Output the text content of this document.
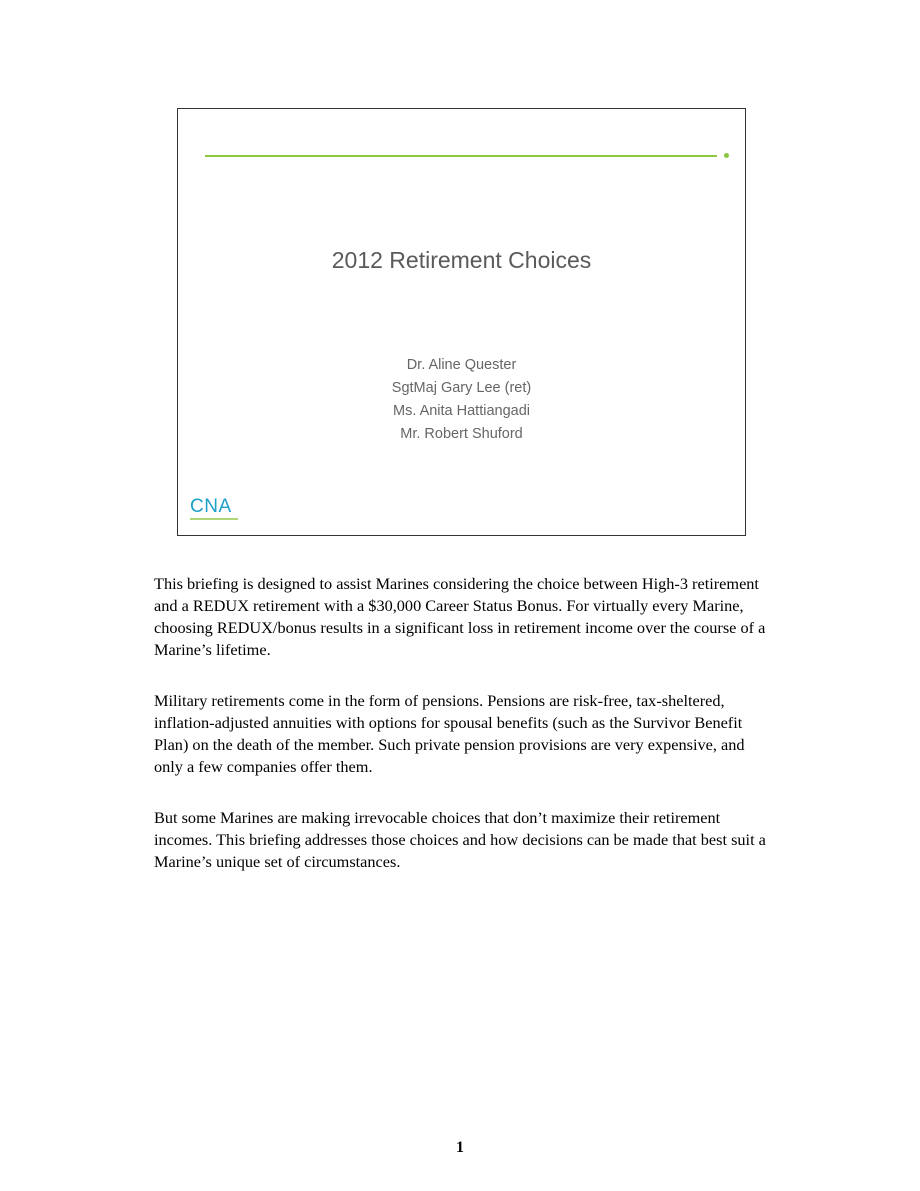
2012 Retirement Choices
Dr. Aline Quester
SgtMaj Gary Lee (ret)
Ms. Anita Hattiangadi
Mr. Robert Shuford
CNA

This briefing is designed to assist Marines considering the choice between High-3 retirement and a REDUX retirement with a $30,000 Career Status Bonus. For virtually every Marine, choosing REDUX/bonus results in a significant loss in retirement income over the course of a Marine’s lifetime.

Military retirements come in the form of pensions. Pensions are risk-free, tax-sheltered, inflation-adjusted annuities with options for spousal benefits (such as the Survivor Benefit Plan) on the death of the member. Such private pension provisions are very expensive, and only a few companies offer them.

But some Marines are making irrevocable choices that don’t maximize their retirement incomes. This briefing addresses those choices and how decisions can be made that best suit a Marine’s unique set of circumstances.

1
